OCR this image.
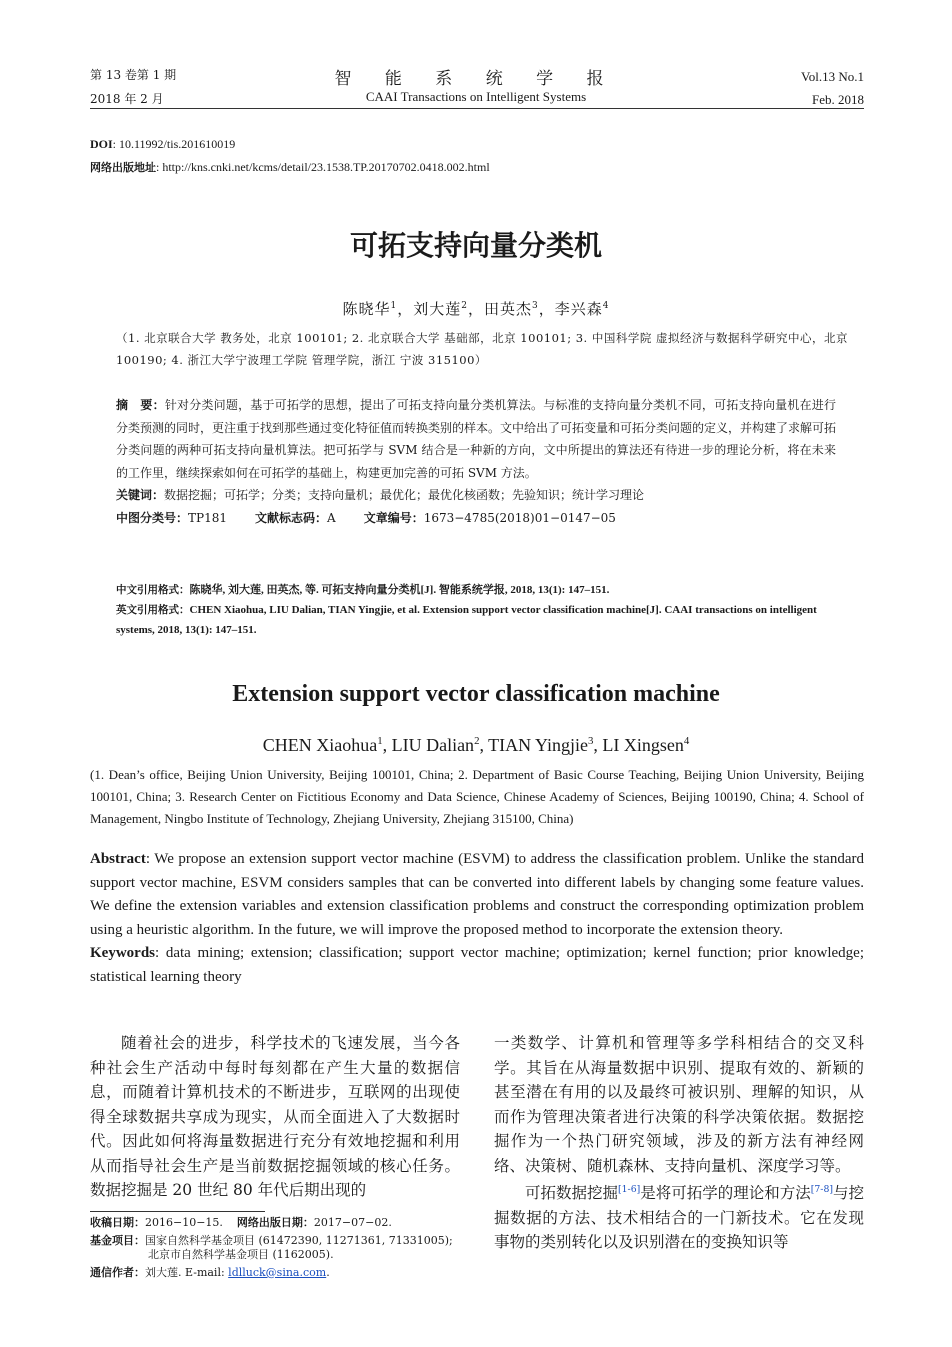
第 13 卷第 1 期
2018 年 2 月
智 能 系 统 学 报
CAAI Transactions on Intelligent Systems
Vol.13 No.1
Feb. 2018
DOI: 10.11992/tis.201610019
网络出版地址: http://kns.cnki.net/kcms/detail/23.1538.TP.20170702.0418.002.html
可拓支持向量分类机
陈晓华$^1$，刘大莲$^2$，田英杰$^3$，李兴森$^4$
（1. 北京联合大学 教务处，北京 100101; 2. 北京联合大学 基础部，北京 100101; 3. 中国科学院 虚拟经济与数据科学研究中心，北京 100190; 4. 浙江大学宁波理工学院 管理学院，浙江 宁波 315100）
摘　要：针对分类问题，基于可拓学的思想，提出了可拓支持向量分类机算法。与标准的支持向量分类机不同，可拓支持向量机在进行分类预测的同时，更注重于找到那些通过变化特征值而转换类别的样本。文中给出了可拓变量和可拓分类问题的定义，并构建了求解可拓分类问题的两种可拓支持向量机算法。把可拓学与 SVM 结合是一种新的方向，文中所提出的算法还有待进一步的理论分析，将在未来的工作里，继续探索如何在可拓学的基础上，构建更加完善的可拓 SVM 方法。
关键词：数据挖掘；可拓学；分类；支持向量机；最优化；最优化核函数；先验知识；统计学习理论
中图分类号：TP181 文献标志码：A 文章编号：1673−4785(2018)01−0147−05
中文引用格式：陈晓华, 刘大莲, 田英杰, 等. 可拓支持向量分类机[J]. 智能系统学报, 2018, 13(1): 147–151.
英文引用格式：CHEN Xiaohua, LIU Dalian, TIAN Yingjie, et al. Extension support vector classification machine[J]. CAAI transactions on intelligent systems, 2018, 13(1): 147–151.
Extension support vector classification machine
CHEN Xiaohua$^1$, LIU Dalian$^2$, TIAN Yingjie$^3$, LI Xingsen$^4$
(1. Dean’s office, Beijing Union University, Beijing 100101, China; 2. Department of Basic Course Teaching, Beijing Union University, Beijing 100101, China; 3. Research Center on Fictitious Economy and Data Science, Chinese Academy of Sciences, Beijing 100190, China; 4. School of Management, Ningbo Institute of Technology, Zhejiang University, Zhejiang 315100, China)
Abstract: We propose an extension support vector machine (ESVM) to address the classification problem. Unlike the standard support vector machine, ESVM considers samples that can be converted into different labels by changing some feature values. We define the extension variables and extension classification problems and construct the corresponding optimization problem using a heuristic algorithm. In the future, we will improve the proposed method to incorporate the extension theory.
Keywords: data mining; extension; classification; support vector machine; optimization; kernel function; prior knowledge; statistical learning theory

随着社会的进步，科学技术的飞速发展，当今各种社会生产活动中每时每刻都在产生大量的数据信息，而随着计算机技术的不断进步，互联网的出现使得全球数据共享成为现实，从而全面进入了大数据时代。因此如何将海量数据进行充分有效地挖掘和利用从而指导社会生产是当前数据挖掘领域的核心任务。数据挖掘是 20 世纪 80 年代后期出现的

一类数学、计算机和管理等多学科相结合的交叉科学。其旨在从海量数据中识别、提取有效的、新颖的甚至潜在有用的以及最终可被识别、理解的知识，从而作为管理决策者进行决策的科学决策依据。数据挖掘作为一个热门研究领域，涉及的新方法有神经网络、决策树、随机森林、支持向量机、深度学习等。

可拓数据挖掘[1-6]是将可拓学的理论和方法[7-8]与挖掘数据的方法、技术相结合的一门新技术。它在发现事物的类别转化以及识别潜在的变换知识等

收稿日期：2016−10−15. 网络出版日期：2017−07−02.
基金项目：国家自然科学基金项目 (61472390, 11271361, 71331005);
北京市自然科学基金项目 (1162005).
通信作者：刘大莲. E-mail: ldlluck@sina.com.
